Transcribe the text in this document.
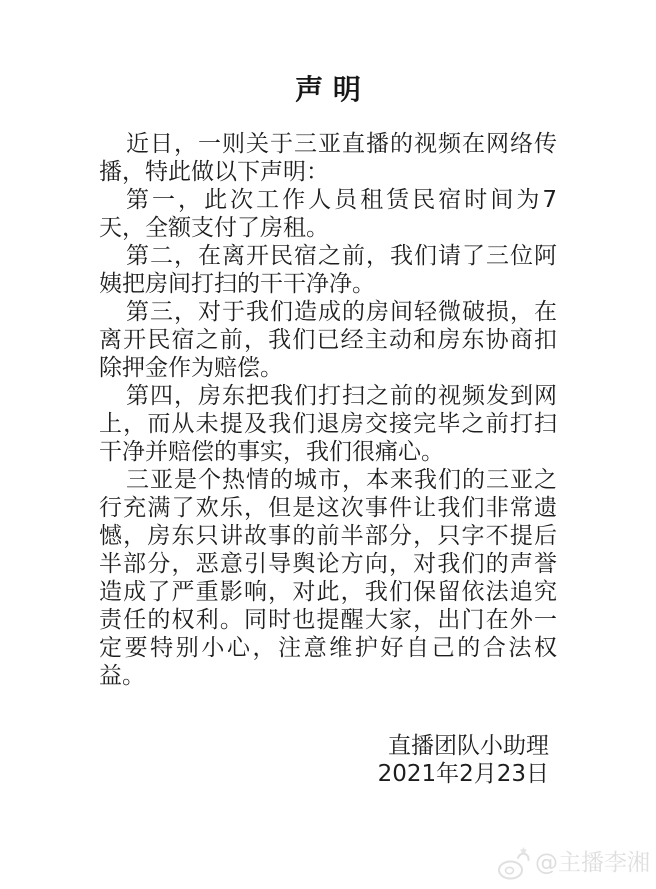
声 明
近日，一则关于三亚直播的视频在网络传
播，特此做以下声明：
第一，此次工作人员租赁民宿时间为7
天，全额支付了房租。
第二，在离开民宿之前，我们请了三位阿
姨把房间打扫的干干净净。
第三，对于我们造成的房间轻微破损，在
离开民宿之前，我们已经主动和房东协商扣
除押金作为赔偿。
第四，房东把我们打扫之前的视频发到网
上，而从未提及我们退房交接完毕之前打扫
干净并赔偿的事实，我们很痛心。
三亚是个热情的城市，本来我们的三亚之
行充满了欢乐，但是这次事件让我们非常遗
憾，房东只讲故事的前半部分，只字不提后
半部分，恶意引导舆论方向，对我们的声誉
造成了严重影响，对此，我们保留依法追究
责任的权利。同时也提醒大家，出门在外一
定要特别小心，注意维护好自己的合法权
益。
直播团队小助理
2021年2月23日
@主播李湘
